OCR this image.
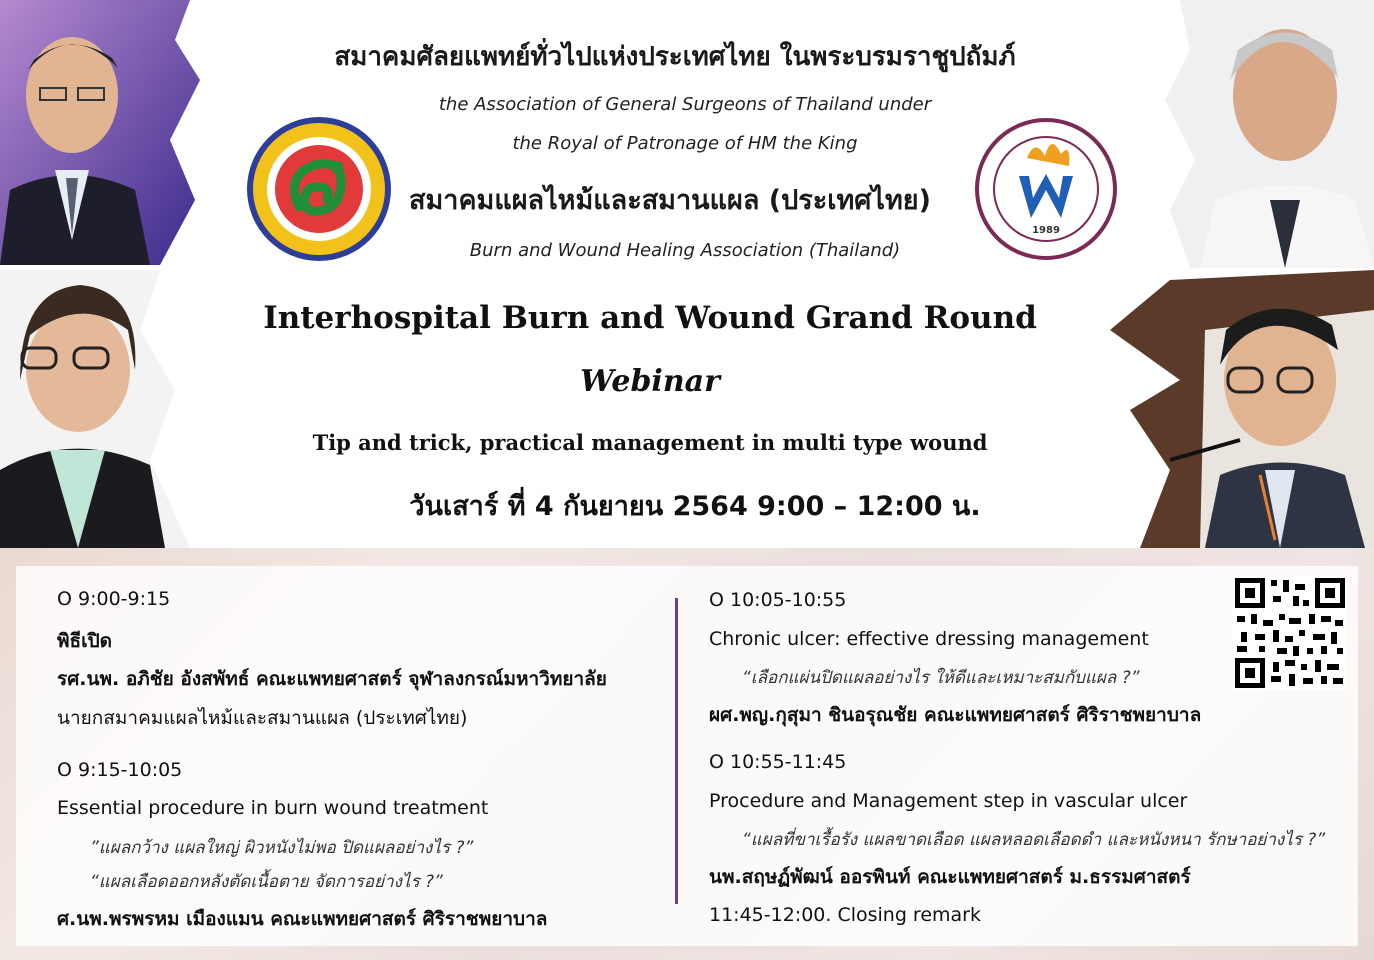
1989
สมาคมศัลยแพทย์ทั่วไปแห่งประเทศไทย ในพระบรมราชูปถัมภ์
the Association of General Surgeons of Thailand under
the Royal of Patronage of HM the King
สมาคมแผลไหม้และสมานแผล (ประเทศไทย)
Burn and Wound Healing Association (Thailand)
Interhospital Burn and Wound Grand Round
Webinar
Tip and trick, practical management in multi type wound
วันเสาร์ ที่ 4 กันยายน 2564 9:00 – 12:00 น.
O 9:00-9:15
พิธีเปิด
รศ.นพ. อภิชัย อังสพัทธ์ คณะแพทยศาสตร์ จุฬาลงกรณ์มหาวิทยาลัย
นายกสมาคมแผลไหม้และสมานแผล (ประเทศไทย)
O 9:15-10:05
Essential procedure in burn wound treatment
”แผลกว้าง แผลใหญ่ ผิวหนังไม่พอ ปิดแผลอย่างไร ?”
“แผลเลือดออกหลังตัดเนื้อตาย จัดการอย่างไร ?”
ศ.นพ.พรพรหม เมืองแมน คณะแพทยศาสตร์ ศิริราชพยาบาล
O 10:05-10:55
Chronic ulcer: effective dressing management
“เลือกแผ่นปิดแผลอย่างไร ให้ดีและเหมาะสมกับแผล ?”
ผศ.พญ.กุสุมา ชินอรุณชัย คณะแพทยศาสตร์ ศิริราชพยาบาล
O 10:55-11:45
Procedure and Management step in vascular ulcer
“แผลที่ขาเรื้อรัง แผลขาดเลือด แผลหลอดเลือดดำ และหนังหนา รักษาอย่างไร ?”
นพ.สฤษฏ์พัฒน์ ออรพินท์ คณะแพทยศาสตร์ ม.ธรรมศาสตร์
11:45-12:00. Closing remark
